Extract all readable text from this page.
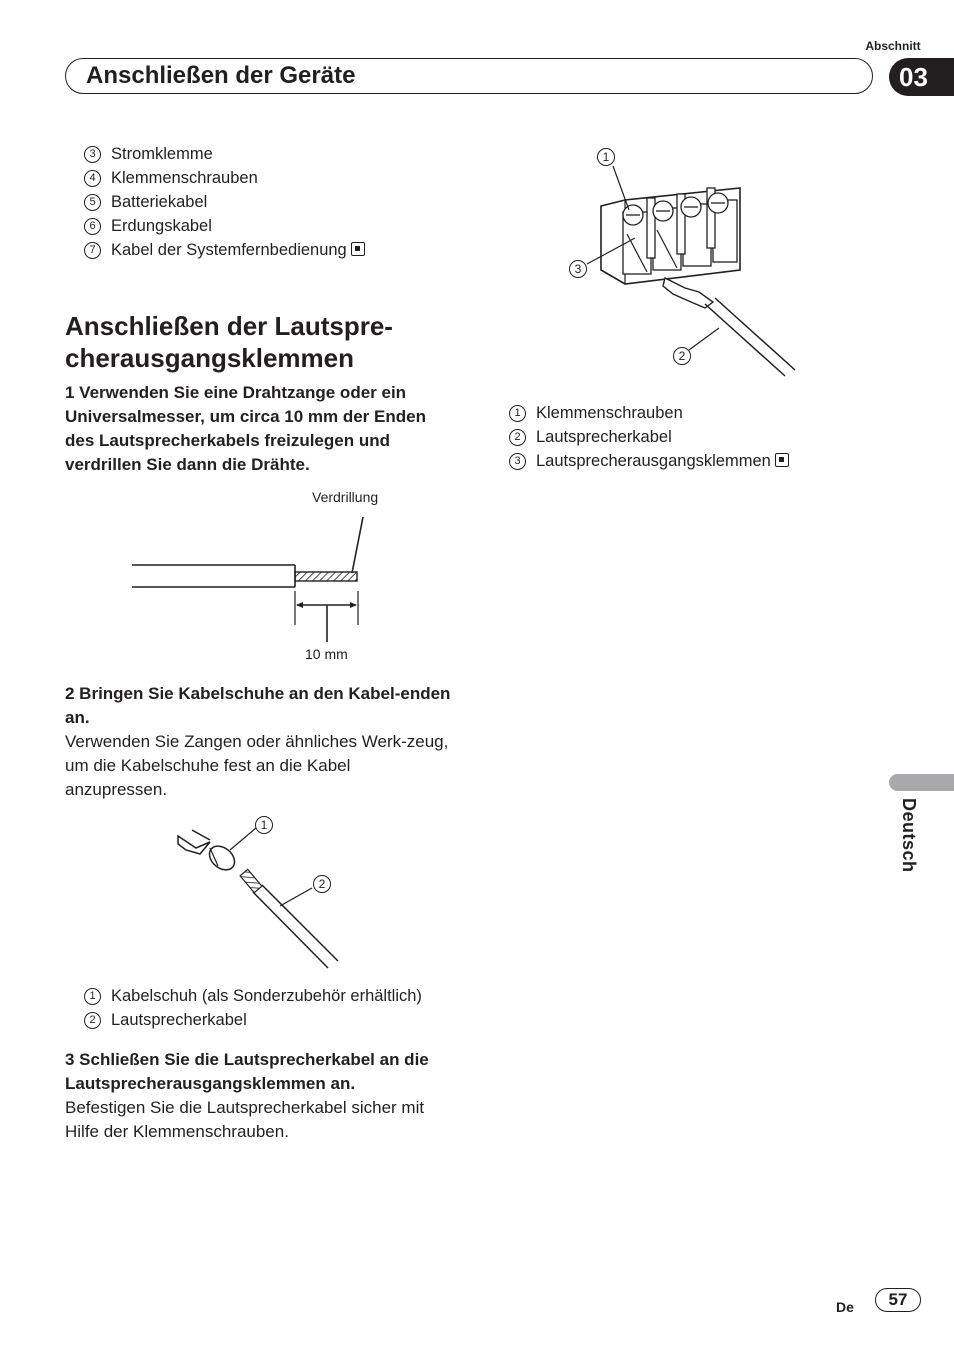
Abschnitt
Anschließen der Geräte	03
3 Stromklemme
4 Klemmenschrauben
5 Batteriekabel
6 Erdungskabel
7 Kabel der Systemfernbedienung
Anschließen der Lautspre-
cherausgangsklemmen
1 Verwenden Sie eine Drahtzange oder ein Universalmesser, um circa 10 mm der Enden des Lautsprecherkabels freizulegen und verdrillen Sie dann die Drähte.
Verdrillung
10 mm
2 Bringen Sie Kabelschuhe an den Kabel-enden an.
Verwenden Sie Zangen oder ähnliches Werk-zeug, um die Kabelschuhe fest an die Kabel anzupressen.
1
2
1 Kabelschuh (als Sonderzubehör erhältlich)
2 Lautsprecherkabel
3 Schließen Sie die Lautsprecherkabel an die Lautsprecherausgangsklemmen an.
Befestigen Sie die Lautsprecherkabel sicher mit Hilfe der Klemmenschrauben.
1
2
3
1 Klemmenschrauben
2 Lautsprecherkabel
3 Lautsprecherausgangsklemmen
Deutsch
De	57
